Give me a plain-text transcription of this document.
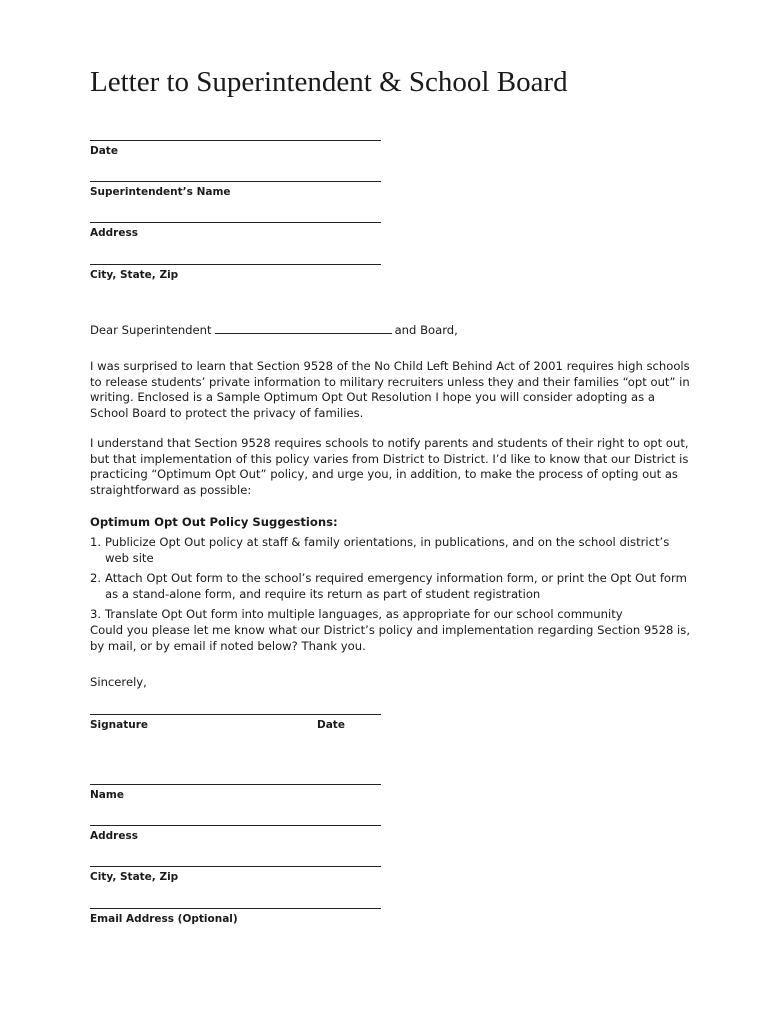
Letter to Superintendent & School Board
Date
Superintendent’s Name
Address
City, State, Zip
Dear Superintendent	and Board,

I was surprised to learn that Section 9528 of the No Child Left Behind Act of 2001 requires high schools to release students’ private information to military recruiters unless they and their families “opt out” in writing. Enclosed is a Sample Optimum Opt Out Resolution I hope you will consider adopting as a School Board to protect the privacy of families.

I understand that Section 9528 requires schools to notify parents and students of their right to opt out, but that implementation of this policy varies from District to District. I’d like to know that our District is practicing “Optimum Opt Out” policy, and urge you, in addition, to make the process of opting out as straightforward as possible:

Optimum Opt Out Policy Suggestions:
1. Publicize Opt Out policy at staff & family orientations, in publications, and on the school district’s web site
2. Attach Opt Out form to the school’s required emergency information form, or print the Opt Out form as a stand-alone form, and require its return as part of student registration
3. Translate Opt Out form into multiple languages, as appropriate for our school community

Could you please let me know what our District’s policy and implementation regarding Section 9528 is, by mail, or by email if noted below? Thank you.

Sincerely,

Signature	Date
Name
Address
City, State, Zip
Email Address (Optional)
